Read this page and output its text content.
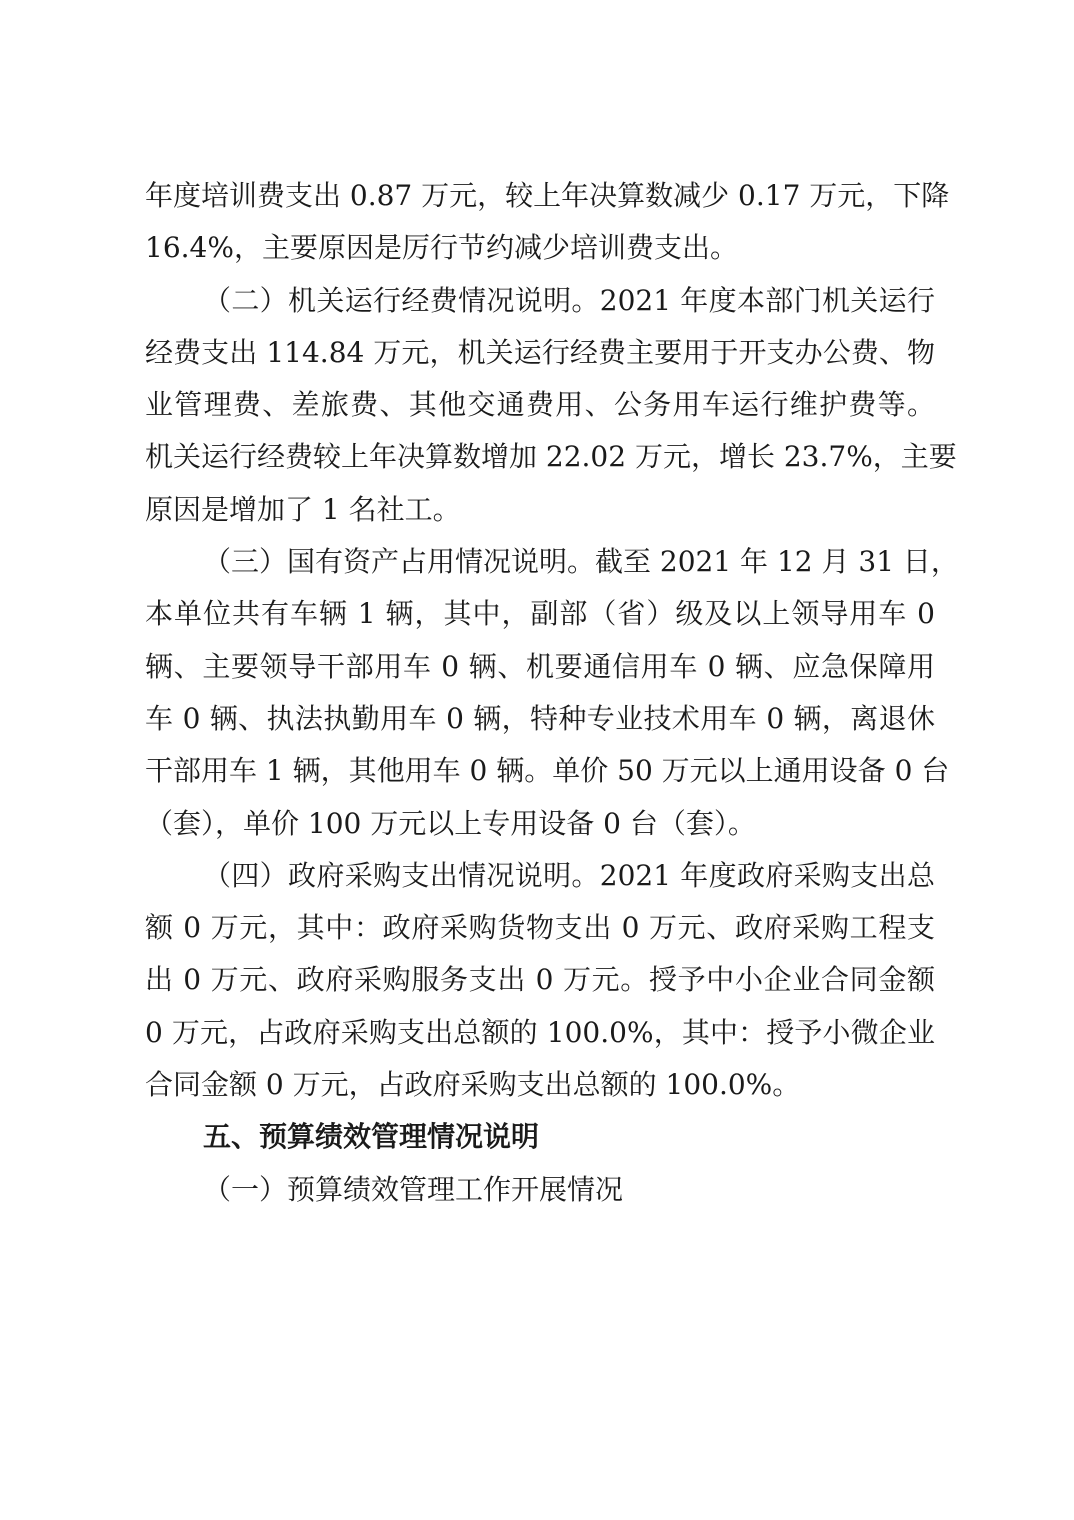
年度培训费支出 0.87 万元，较上年决算数减少 0.17 万元，下降
16.4%，主要原因是厉行节约减少培训费支出。
（二）机关运行经费情况说明。2021 年度本部门机关运行
经费支出 114.84 万元，机关运行经费主要用于开支办公费、物
业管理费、差旅费、其他交通费用、公务用车运行维护费等。
机关运行经费较上年决算数增加 22.02 万元，增长 23.7%，主要
原因是增加了 1 名社工。
（三）国有资产占用情况说明。截至 2021 年 12 月 31 日，
本单位共有车辆 1 辆，其中，副部（省）级及以上领导用车 0
辆、主要领导干部用车 0 辆、机要通信用车 0 辆、应急保障用
车 0 辆、执法执勤用车 0 辆，特种专业技术用车 0 辆，离退休
干部用车 1 辆，其他用车 0 辆。单价 50 万元以上通用设备 0 台
（套），单价 100 万元以上专用设备 0 台（套）。
（四）政府采购支出情况说明。2021 年度政府采购支出总
额 0 万元，其中：政府采购货物支出 0 万元、政府采购工程支
出 0 万元、政府采购服务支出 0 万元。授予中小企业合同金额
0 万元，占政府采购支出总额的 100.0%，其中：授予小微企业
合同金额 0 万元，占政府采购支出总额的 100.0%。
五、预算绩效管理情况说明
（一）预算绩效管理工作开展情况
